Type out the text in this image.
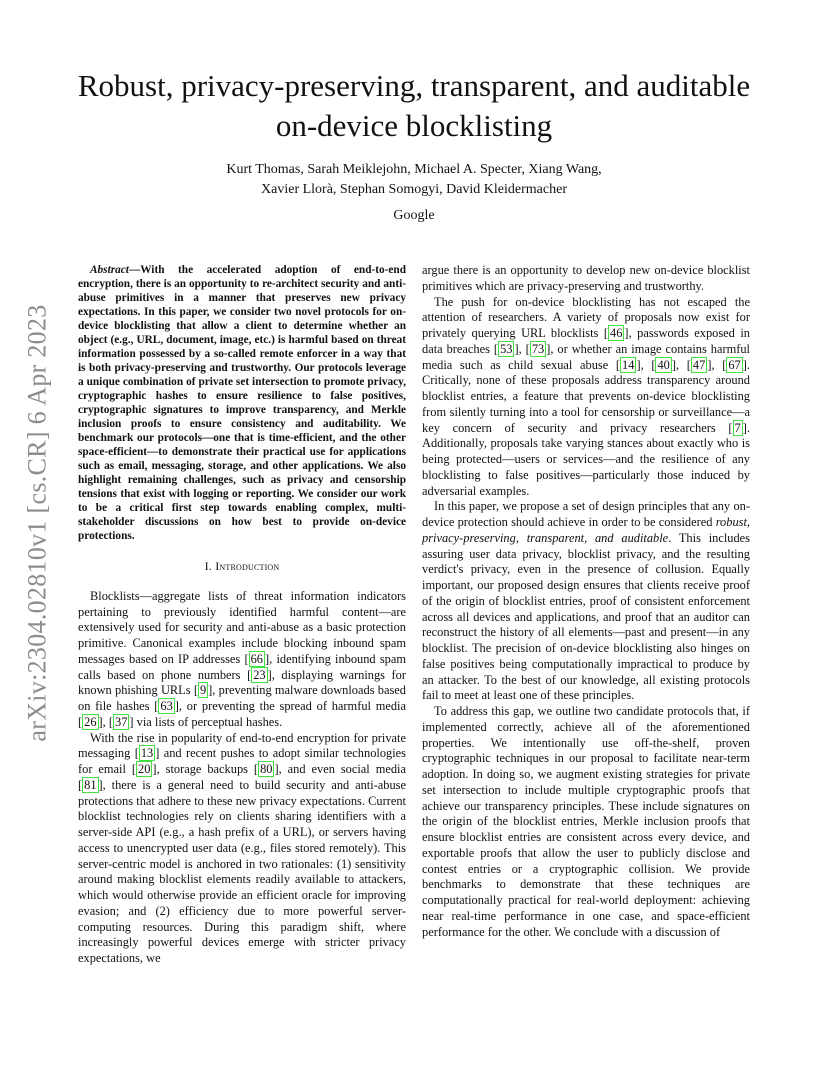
arXiv:2304.02810v1 [cs.CR] 6 Apr 2023
Robust, privacy-preserving, transparent, and auditable on-device blocklisting
Kurt Thomas, Sarah Meiklejohn, Michael A. Specter, Xiang Wang,
Xavier Llorà, Stephan Somogyi, David Kleidermacher
Google

Abstract—With the accelerated adoption of end-to-end encryption, there is an opportunity to re-architect security and anti-abuse primitives in a manner that preserves new privacy expectations. In this paper, we consider two novel protocols for on-device blocklisting that allow a client to determine whether an object (e.g., URL, document, image, etc.) is harmful based on threat information possessed by a so-called remote enforcer in a way that is both privacy-preserving and trustworthy. Our protocols leverage a unique combination of private set intersection to promote privacy, cryptographic hashes to ensure resilience to false positives, cryptographic signatures to improve transparency, and Merkle inclusion proofs to ensure consistency and auditability. We benchmark our protocols—one that is time-efficient, and the other space-efficient—to demonstrate their practical use for applications such as email, messaging, storage, and other applications. We also highlight remaining challenges, such as privacy and censorship tensions that exist with logging or reporting. We consider our work to be a critical first step towards enabling complex, multi-stakeholder discussions on how best to provide on-device protections.

I. Introduction

Blocklists—aggregate lists of threat information indicators pertaining to previously identified harmful content—are extensively used for security and anti-abuse as a basic protection primitive. Canonical examples include blocking inbound spam messages based on IP addresses [ 66 ], identifying inbound spam calls based on phone numbers [ 23 ], displaying warnings for known phishing URLs [ 9 ], preventing malware downloads based on file hashes [ 63 ], or preventing the spread of harmful media [ 26 ], [ 37 ] via lists of perceptual hashes.

With the rise in popularity of end-to-end encryption for private messaging [ 13 ] and recent pushes to adopt similar technologies for email [ 20 ], storage backups [ 80 ], and even social media [ 81 ], there is a general need to build security and anti-abuse protections that adhere to these new privacy expectations. Current blocklist technologies rely on clients sharing identifiers with a server-side API (e.g., a hash prefix of a URL), or servers having access to unencrypted user data (e.g., files stored remotely). This server-centric model is anchored in two rationales: (1) sensitivity around making blocklist elements readily available to attackers, which would otherwise provide an efficient oracle for improving evasion; and (2) efficiency due to more powerful server-computing resources. During this paradigm shift, where increasingly powerful devices emerge with stricter privacy expectations, we

argue there is an opportunity to develop new on-device blocklist primitives which are privacy-preserving and trustworthy.

The push for on-device blocklisting has not escaped the attention of researchers. A variety of proposals now exist for privately querying URL blocklists [ 46 ], passwords exposed in data breaches [ 53 ], [ 73 ], or whether an image contains harmful media such as child sexual abuse [ 14 ], [ 40 ], [ 47 ], [ 67 ]. Critically, none of these proposals address transparency around blocklist entries, a feature that prevents on-device blocklisting from silently turning into a tool for censorship or surveillance—a key concern of security and privacy researchers [ 7 ]. Additionally, proposals take varying stances about exactly who is being protected—users or services—and the resilience of any blocklisting to false positives—particularly those induced by adversarial examples.

In this paper, we propose a set of design principles that any on-device protection should achieve in order to be considered robust, privacy-preserving, transparent, and auditable. This includes assuring user data privacy, blocklist privacy, and the resulting verdict's privacy, even in the presence of collusion. Equally important, our proposed design ensures that clients receive proof of the origin of blocklist entries, proof of consistent enforcement across all devices and applications, and proof that an auditor can reconstruct the history of all elements—past and present—in any blocklist. The precision of on-device blocklisting also hinges on false positives being computationally impractical to produce by an attacker. To the best of our knowledge, all existing protocols fail to meet at least one of these principles.

To address this gap, we outline two candidate protocols that, if implemented correctly, achieve all of the aforementioned properties. We intentionally use off-the-shelf, proven cryptographic techniques in our proposal to facilitate near-term adoption. In doing so, we augment existing strategies for private set intersection to include multiple cryptographic proofs that achieve our transparency principles. These include signatures on the origin of the blocklist entries, Merkle inclusion proofs that ensure blocklist entries are consistent across every device, and exportable proofs that allow the user to publicly disclose and contest entries or a cryptographic collision. We provide benchmarks to demonstrate that these techniques are computationally practical for real-world deployment: achieving near real-time performance in one case, and space-efficient performance for the other. We conclude with a discussion of
